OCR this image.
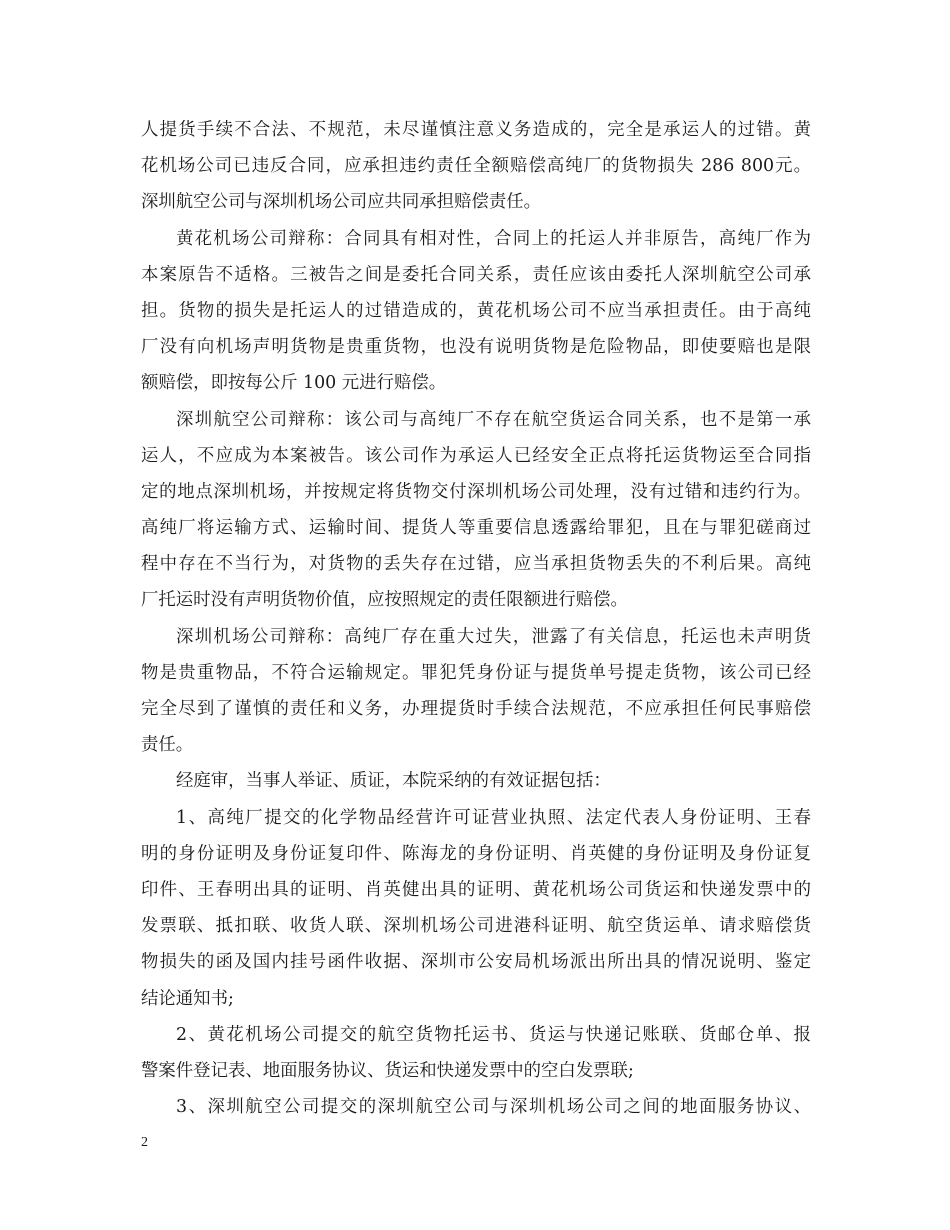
人提货手续不合法、不规范，未尽谨慎注意义务造成的，完全是承运人的过错。黄
花机场公司已违反合同，应承担违约责任全额赔偿高纯厂的货物损失 286 800元。
深圳航空公司与深圳机场公司应共同承担赔偿责任。
黄花机场公司辩称：合同具有相对性，合同上的托运人并非原告，高纯厂作为
本案原告不适格。三被告之间是委托合同关系，责任应该由委托人深圳航空公司承
担。货物的损失是托运人的过错造成的，黄花机场公司不应当承担责任。由于高纯
厂没有向机场声明货物是贵重货物，也没有说明货物是危险物品，即使要赔也是限
额赔偿，即按每公斤 100 元进行赔偿。
深圳航空公司辩称：该公司与高纯厂不存在航空货运合同关系，也不是第一承
运人，不应成为本案被告。该公司作为承运人已经安全正点将托运货物运至合同指
定的地点深圳机场，并按规定将货物交付深圳机场公司处理，没有过错和违约行为。
高纯厂将运输方式、运输时间、提货人等重要信息透露给罪犯，且在与罪犯磋商过
程中存在不当行为，对货物的丢失存在过错，应当承担货物丢失的不利后果。高纯
厂托运时没有声明货物价值，应按照规定的责任限额进行赔偿。
深圳机场公司辩称：高纯厂存在重大过失，泄露了有关信息，托运也未声明货
物是贵重物品，不符合运输规定。罪犯凭身份证与提货单号提走货物，该公司已经
完全尽到了谨慎的责任和义务，办理提货时手续合法规范，不应承担任何民事赔偿
责任。
经庭审，当事人举证、质证，本院采纳的有效证据包括：
1、高纯厂提交的化学物品经营许可证营业执照、法定代表人身份证明、王春
明的身份证明及身份证复印件、陈海龙的身份证明、肖英健的身份证明及身份证复
印件、王春明出具的证明、肖英健出具的证明、黄花机场公司货运和快递发票中的
发票联、抵扣联、收货人联、深圳机场公司进港科证明、航空货运单、请求赔偿货
物损失的函及国内挂号函件收据、深圳市公安局机场派出所出具的情况说明、鉴定
结论通知书;
2、黄花机场公司提交的航空货物托运书、货运与快递记账联、货邮仓单、报
警案件登记表、地面服务协议、货运和快递发票中的空白发票联;
3、深圳航空公司提交的深圳航空公司与深圳机场公司之间的地面服务协议、
2
